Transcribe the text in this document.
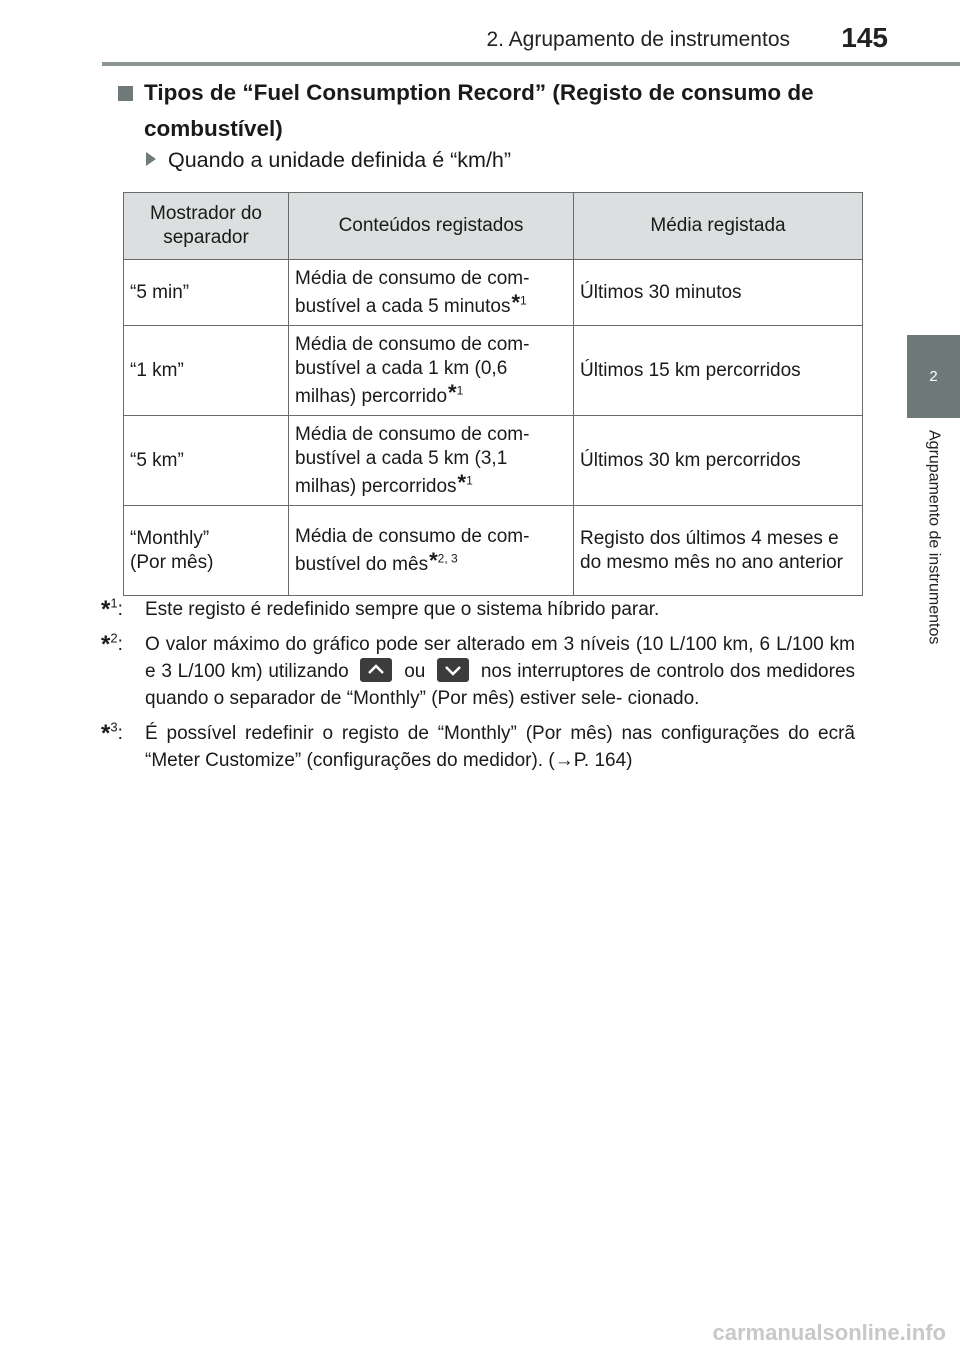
2. Agrupamento de instrumentos 145
2
Agrupamento de instrumentos
Tipos de “Fuel Consumption Record” (Registo de consumo de combustível)
Quando a unidade definida é “km/h”
Mostrador do separador	Conteúdos registados	Média registada
“5 min”	Média de consumo de com- bustível a cada 5 minutos*$^1$	Últimos 30 minutos
“1 km”	Média de consumo de com- bustível a cada 1 km (0,6 milhas) percorrido*$^1$	Últimos 15 km percorridos
“5 km”	Média de consumo de com- bustível a cada 5 km (3,1 milhas) percorridos*$^1$	Últimos 30 km percorridos
“Monthly”
(Por mês)	Média de consumo de com- bustível do mês*$^{2, 3}$	Registo dos últimos 4 meses e do mesmo mês no ano anterior
*$^1$: Este registo é redefinido sempre que o sistema híbrido parar.
*$^2$: O valor máximo do gráfico pode ser alterado em 3 níveis (10 L/100 km, 6 L/100 km e 3 L/100 km) utilizando	ou	nos interruptores de controlo dos medidores quando o separador de “Monthly” (Por mês) estiver sele- cionado.
*$^3$: É possível redefinir o registo de “Monthly” (Por mês) nas configurações do ecrã “Meter Customize” (configurações do medidor). (→P. 164)
carmanualsonline.info
